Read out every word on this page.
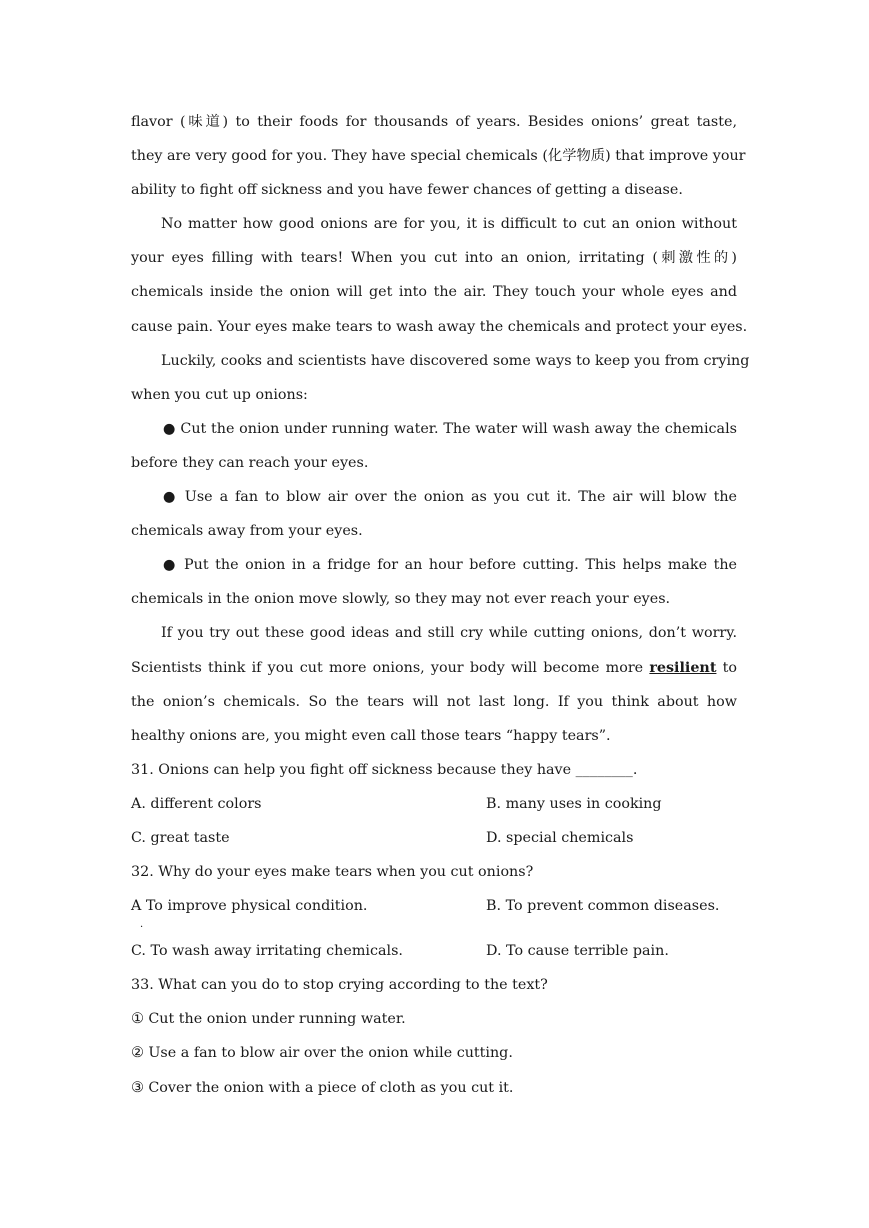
flavor (味道) to their foods for thousands of years. Besides onions’ great taste,
they are very good for you. They have special chemicals (化学物质) that improve your
ability to fight off sickness and you have fewer chances of getting a disease.
No matter how good onions are for you, it is difficult to cut an onion without
your eyes filling with tears! When you cut into an onion, irritating (刺激性的)
chemicals inside the onion will get into the air. They touch your whole eyes and
cause pain. Your eyes make tears to wash away the chemicals and protect your eyes.
Luckily, cooks and scientists have discovered some ways to keep you from crying
when you cut up onions:
● Cut the onion under running water. The water will wash away the chemicals
before they can reach your eyes.
● Use a fan to blow air over the onion as you cut it. The air will blow the
chemicals away from your eyes.
● Put the onion in a fridge for an hour before cutting. This helps make the
chemicals in the onion move slowly, so they may not ever reach your eyes.
If you try out these good ideas and still cry while cutting onions, don’t worry.
Scientists think if you cut more onions, your body will become more resilient to
the onion’s chemicals. So the tears will not last long. If you think about how
healthy onions are, you might even call those tears “happy tears”.
31. Onions can help you fight off sickness because they have ________.
A. different colors	B. many uses in cooking
C. great taste	D. special chemicals
32. Why do your eyes make tears when you cut onions?
A
·
To improve physical condition.	B. To prevent common diseases.
C. To wash away irritating chemicals.	D. To cause terrible pain.
33. What can you do to stop crying according to the text?
① Cut the onion under running water.
② Use a fan to blow air over the onion while cutting.
③ Cover the onion with a piece of cloth as you cut it.
